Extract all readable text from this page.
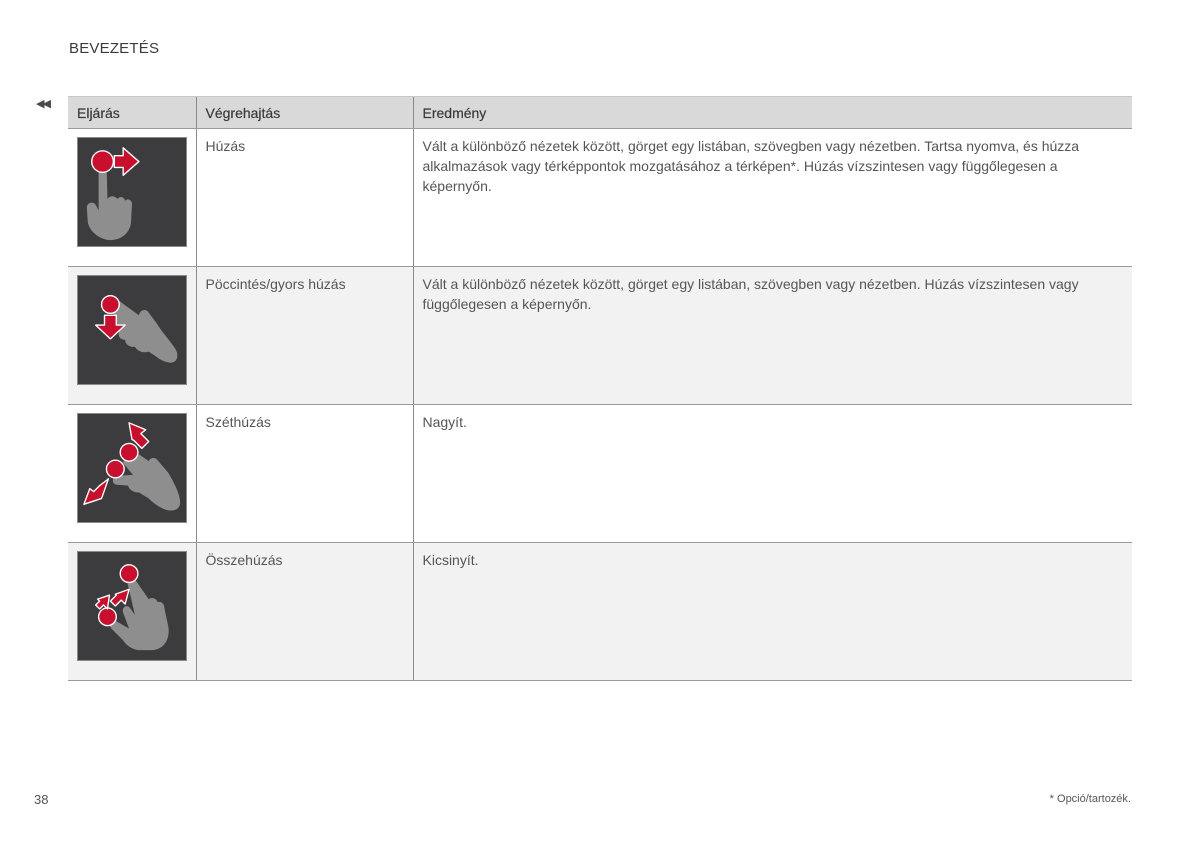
BEVEZETÉS
◀◀
Eljárás	Végrehajtás	Eredmény

	Húzás	Vált a különböző nézetek között, görget egy listában, szövegben vagy nézetben. Tartsa nyomva, és húzza alkalmazások vagy térképpontok mozgatásához a térképen*. Húzás vízszintesen vagy függőlegesen a képernyőn.

	Pöccintés/gyors húzás	Vált a különböző nézetek között, görget egy listában, szövegben vagy nézetben. Húzás vízszintesen vagy függőlegesen a képernyőn.

	Széthúzás	Nagyít.

	Összehúzás	Kicsinyít.
38	* Opció/tartozék.
